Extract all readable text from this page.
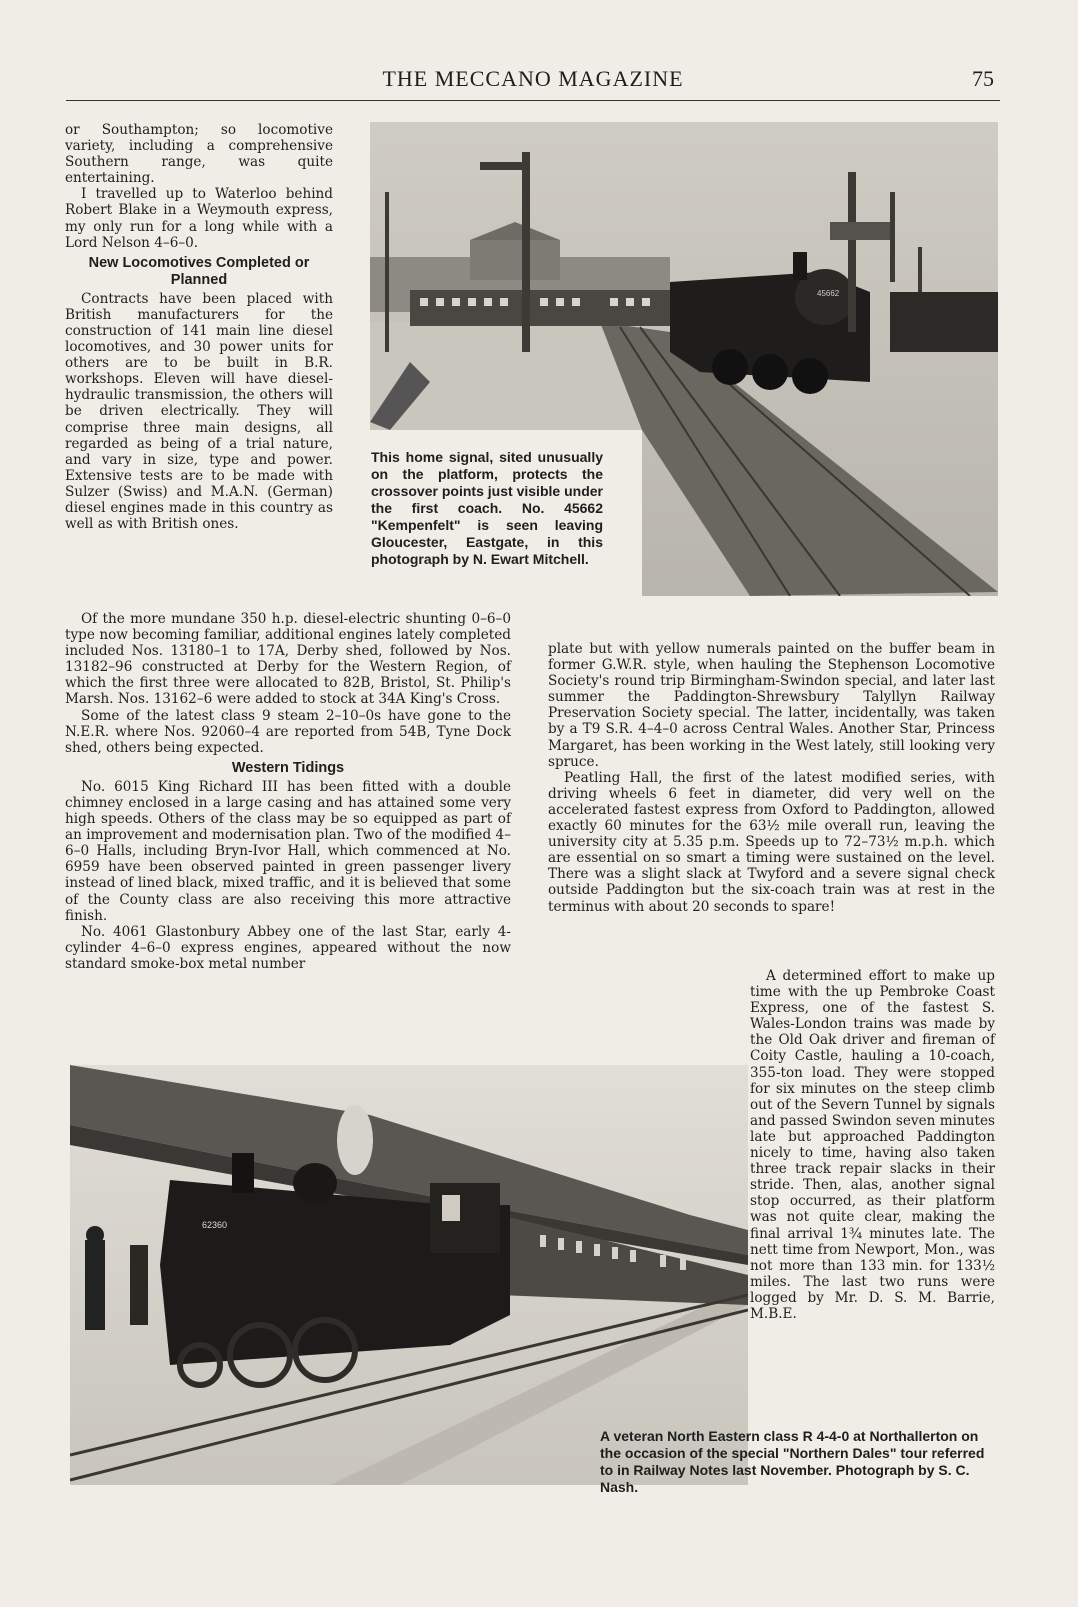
THE MECCANO MAGAZINE	75
45662
This home signal, sited unusually on the platform, protects the crossover points just visible under the first coach. No. 45662 "Kempenfelt" is seen leaving Gloucester, Eastgate, in this photograph by N. Ewart Mitchell.

or Southampton; so locomotive variety, including a comprehensive Southern range, was quite entertaining.

I travelled up to Waterloo behind Robert Blake in a Weymouth express, my only run for a long while with a Lord Nelson 4–6–0.

New Locomotives Completed or Planned

Contracts have been placed with British manufacturers for the construction of 141 main line diesel locomotives, and 30 power units for others are to be built in B.R. workshops. Eleven will have diesel-hydraulic transmission, the others will be driven electrically. They will comprise three main designs, all regarded as being of a trial nature, and vary in size, type and power. Extensive tests are to be made with Sulzer (Swiss) and M.A.N. (German) diesel engines made in this country as well as with British ones.

Of the more mundane 350 h.p. diesel-electric shunting 0–6–0 type now becoming familiar, additional engines lately completed included Nos. 13180–1 to 17A, Derby shed, followed by Nos. 13182–96 constructed at Derby for the Western Region, of which the first three were allocated to 82B, Bristol, St. Philip's Marsh. Nos. 13162–6 were added to stock at 34A King's Cross.

Some of the latest class 9 steam 2–10–0s have gone to the N.E.R. where Nos. 92060–4 are reported from 54B, Tyne Dock shed, others being expected.

Western Tidings

No. 6015 King Richard III has been fitted with a double chimney enclosed in a large casing and has attained some very high speeds. Others of the class may be so equipped as part of an improvement and modernisation plan. Two of the modified 4–6–0 Halls, including Bryn-Ivor Hall, which commenced at No. 6959 have been observed painted in green passenger livery instead of lined black, mixed traffic, and it is believed that some of the County class are also receiving this more attractive finish.

No. 4061 Glastonbury Abbey one of the last Star, early 4-cylinder 4–6–0 express engines, appeared without the now standard smoke-box metal number

plate but with yellow numerals painted on the buffer beam in former G.W.R. style, when hauling the Stephenson Locomotive Society's round trip Birmingham-Swindon special, and later last summer the Paddington-Shrewsbury Talyllyn Railway Preservation Society special. The latter, incidentally, was taken by a T9 S.R. 4–4–0 across Central Wales. Another Star, Princess Margaret, has been working in the West lately, still looking very spruce.

Peatling Hall, the first of the latest modified series, with driving wheels 6 feet in diameter, did very well on the accelerated fastest express from Oxford to Paddington, allowed exactly 60 minutes for the 63½ mile overall run, leaving the university city at 5.35 p.m. Speeds up to 72–73½ m.p.h. which are essential on so smart a timing were sustained on the level. There was a slight slack at Twyford and a severe signal check outside Paddington but the six-coach train was at rest in the terminus with about 20 seconds to spare!

A determined effort to make up time with the up Pembroke Coast Express, one of the fastest S. Wales-London trains was made by the Old Oak driver and fireman of Coity Castle, hauling a 10-coach, 355-ton load. They were stopped for six minutes on the steep climb out of the Severn Tunnel by signals and passed Swindon seven minutes late but approached Paddington nicely to time, having also taken three track repair slacks in their stride. Then, alas, another signal stop occurred, as their platform was not quite clear, making the final arrival 1¾ minutes late. The nett time from Newport, Mon., was not more than 133 min. for 133½ miles. The last two runs were logged by Mr. D. S. M. Barrie, M.B.E.

62360
A veteran North Eastern class R 4-4-0 at Northallerton on the occasion of the special "Northern Dales" tour referred to in Railway Notes last November. Photograph by S. C. Nash.
